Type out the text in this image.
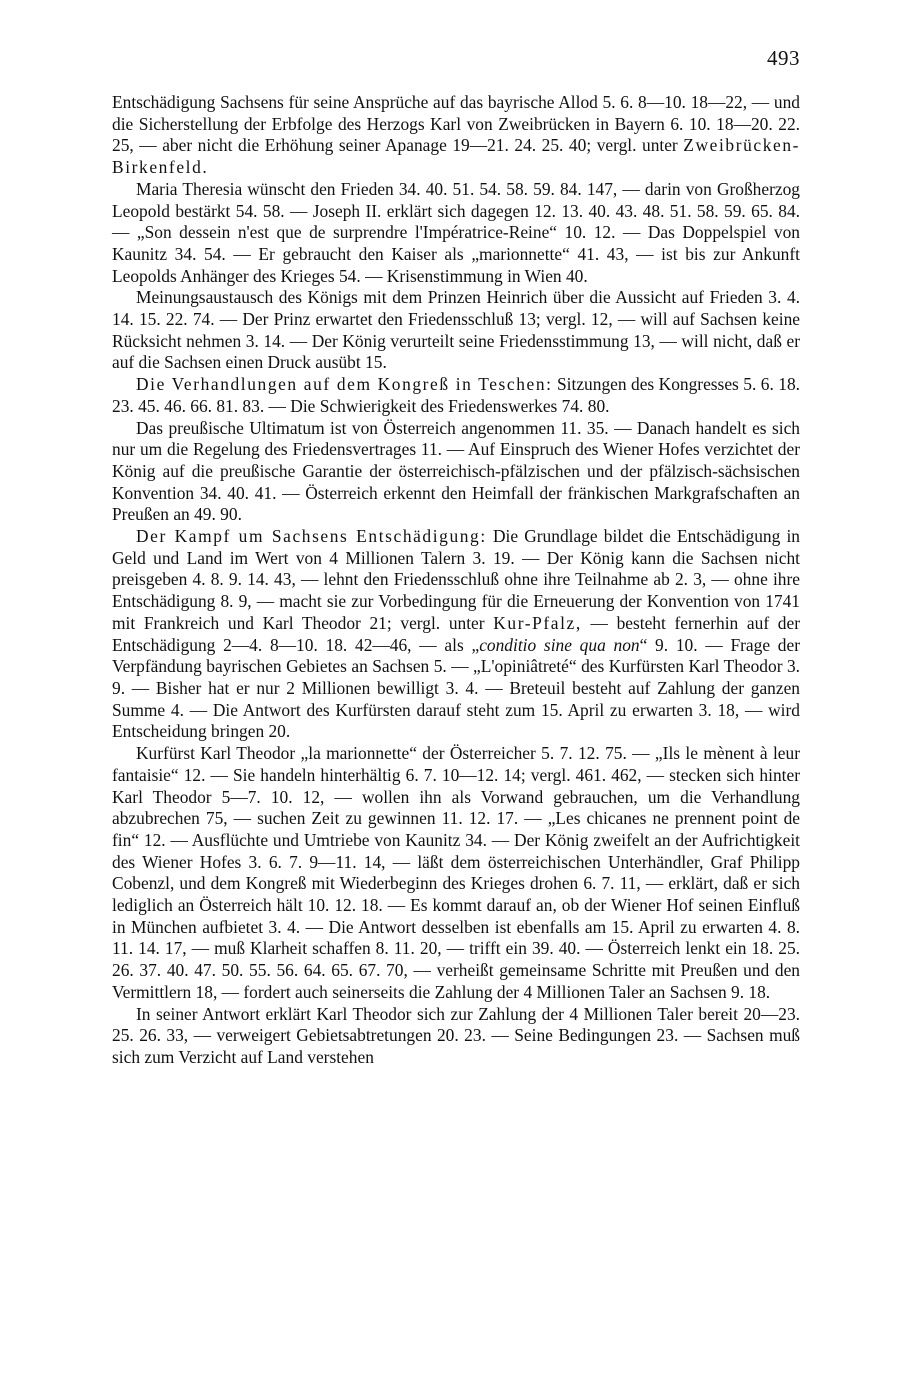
493

Entschädigung Sachsens für seine Ansprüche auf das bayrische Allod 5. 6. 8—10. 18—22, — und die Sicherstellung der Erbfolge des Herzogs Karl von Zweibrücken in Bayern 6. 10. 18—20. 22. 25, — aber nicht die Erhöhung seiner Apanage 19—21. 24. 25. 40; vergl. unter Zweibrücken-Birkenfeld.

Maria Theresia wünscht den Frieden 34. 40. 51. 54. 58. 59. 84. 147, — darin von Großherzog Leopold bestärkt 54. 58. — Joseph II. erklärt sich dagegen 12. 13. 40. 43. 48. 51. 58. 59. 65. 84. — „Son dessein n'est que de surprendre l'Impératrice-Reine“ 10. 12. — Das Doppelspiel von Kaunitz 34. 54. — Er gebraucht den Kaiser als „marionnette“ 41. 43, — ist bis zur Ankunft Leopolds Anhänger des Krieges 54. — Krisenstimmung in Wien 40.

Meinungsaustausch des Königs mit dem Prinzen Heinrich über die Aussicht auf Frieden 3. 4. 14. 15. 22. 74. — Der Prinz erwartet den Friedensschluß 13; vergl. 12, — will auf Sachsen keine Rücksicht nehmen 3. 14. — Der König verurteilt seine Friedensstimmung 13, — will nicht, daß er auf die Sachsen einen Druck ausübt 15.

Die Verhandlungen auf dem Kongreß in Teschen: Sitzungen des Kongresses 5. 6. 18. 23. 45. 46. 66. 81. 83. — Die Schwierigkeit des Friedenswerkes 74. 80.

Das preußische Ultimatum ist von Österreich angenommen 11. 35. — Danach handelt es sich nur um die Regelung des Friedensvertrages 11. — Auf Einspruch des Wiener Hofes verzichtet der König auf die preußische Garantie der österreichisch-pfälzischen und der pfälzisch-sächsischen Konvention 34. 40. 41. — Österreich erkennt den Heimfall der fränkischen Markgrafschaften an Preußen an 49. 90.

Der Kampf um Sachsens Entschädigung: Die Grundlage bildet die Entschädigung in Geld und Land im Wert von 4 Millionen Talern 3. 19. — Der König kann die Sachsen nicht preisgeben 4. 8. 9. 14. 43, — lehnt den Friedensschluß ohne ihre Teilnahme ab 2. 3, — ohne ihre Entschädigung 8. 9, — macht sie zur Vorbedingung für die Erneuerung der Konvention von 1741 mit Frankreich und Karl Theodor 21; vergl. unter Kur-Pfalz, — besteht fernerhin auf der Entschädigung 2—4. 8—10. 18. 42—46, — als „conditio sine qua non“ 9. 10. — Frage der Verpfändung bayrischen Gebietes an Sachsen 5. — „L'opiniâtreté“ des Kurfürsten Karl Theodor 3. 9. — Bisher hat er nur 2 Millionen bewilligt 3. 4. — Breteuil besteht auf Zahlung der ganzen Summe 4. — Die Antwort des Kurfürsten darauf steht zum 15. April zu erwarten 3. 18, — wird Entscheidung bringen 20.

Kurfürst Karl Theodor „la marionnette“ der Österreicher 5. 7. 12. 75. — „Ils le mènent à leur fantaisie“ 12. — Sie handeln hinterhältig 6. 7. 10—12. 14; vergl. 461. 462, — stecken sich hinter Karl Theodor 5—7. 10. 12, — wollen ihn als Vorwand gebrauchen, um die Verhandlung abzubrechen 75, — suchen Zeit zu gewinnen 11. 12. 17. — „Les chicanes ne prennent point de fin“ 12. — Ausflüchte und Umtriebe von Kaunitz 34. — Der König zweifelt an der Aufrichtigkeit des Wiener Hofes 3. 6. 7. 9—11. 14, — läßt dem österreichischen Unterhändler, Graf Philipp Cobenzl, und dem Kongreß mit Wiederbeginn des Krieges drohen 6. 7. 11, — erklärt, daß er sich lediglich an Österreich hält 10. 12. 18. — Es kommt darauf an, ob der Wiener Hof seinen Einfluß in München aufbietet 3. 4. — Die Antwort desselben ist ebenfalls am 15. April zu erwarten 4. 8. 11. 14. 17, — muß Klarheit schaffen 8. 11. 20, — trifft ein 39. 40. — Österreich lenkt ein 18. 25. 26. 37. 40. 47. 50. 55. 56. 64. 65. 67. 70, — verheißt gemeinsame Schritte mit Preußen und den Vermittlern 18, — fordert auch seinerseits die Zahlung der 4 Millionen Taler an Sachsen 9. 18.

In seiner Antwort erklärt Karl Theodor sich zur Zahlung der 4 Millionen Taler bereit 20—23. 25. 26. 33, — verweigert Gebietsabtretungen 20. 23. — Seine Bedingungen 23. — Sachsen muß sich zum Verzicht auf Land verstehen
